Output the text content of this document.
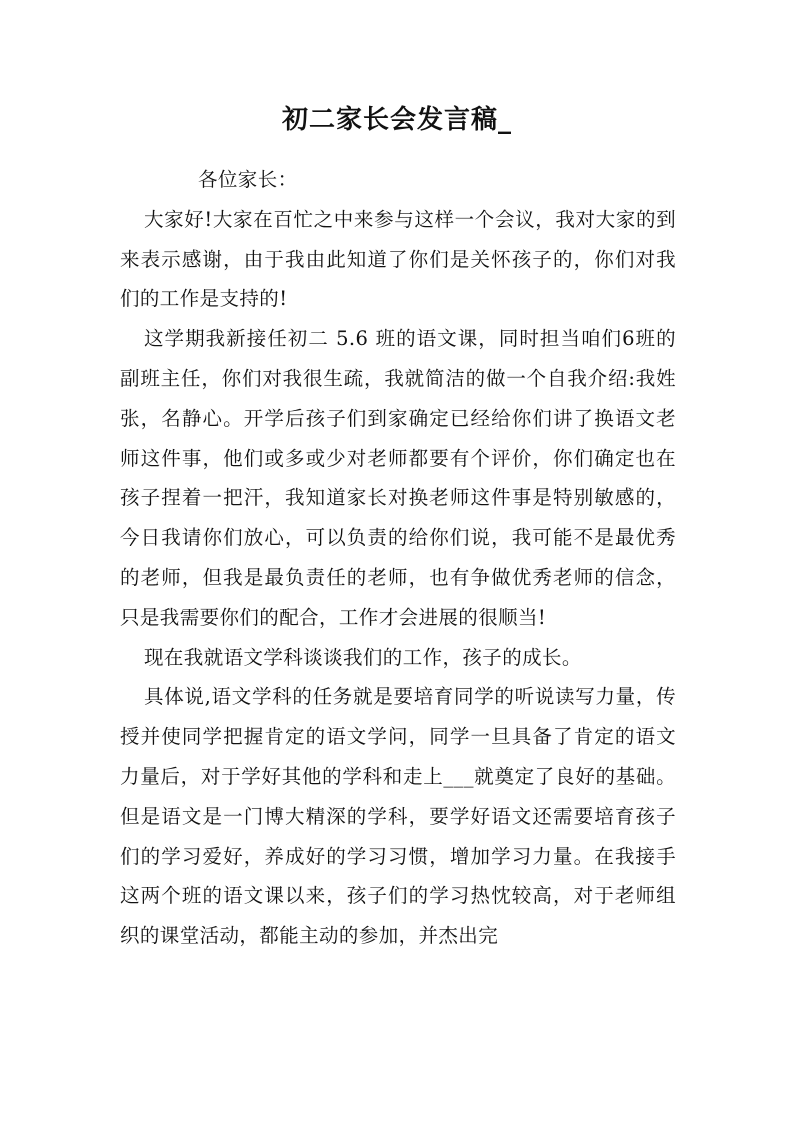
初二家长会发言稿_

各位家长：

大家好!大家在百忙之中来参与这样一个会议，我对大家的到来表示感谢，由于我由此知道了你们是关怀孩子的，你们对我们的工作是支持的!

这学期我新接任初二 5.6 班的语文课，同时担当咱们6班的副班主任，你们对我很生疏，我就简洁的做一个自我介绍:我姓张，名静心。开学后孩子们到家确定已经给你们讲了换语文老师这件事，他们或多或少对老师都要有个评价，你们确定也在孩子捏着一把汗，我知道家长对换老师这件事是特别敏感的，今日我请你们放心，可以负责的给你们说，我可能不是最优秀的老师，但我是最负责任的老师，也有争做优秀老师的信念，只是我需要你们的配合，工作才会进展的很顺当!

现在我就语文学科谈谈我们的工作，孩子的成长。

具体说,语文学科的任务就是要培育同学的听说读写力量，传授并使同学把握肯定的语文学问，同学一旦具备了肯定的语文力量后，对于学好其他的学科和走上___就奠定了良好的基础。但是语文是一门博大精深的学科，要学好语文还需要培育孩子们的学习爱好，养成好的学习习惯，增加学习力量。在我接手这两个班的语文课以来，孩子们的学习热忱较高，对于老师组织的课堂活动，都能主动的参加，并杰出完
